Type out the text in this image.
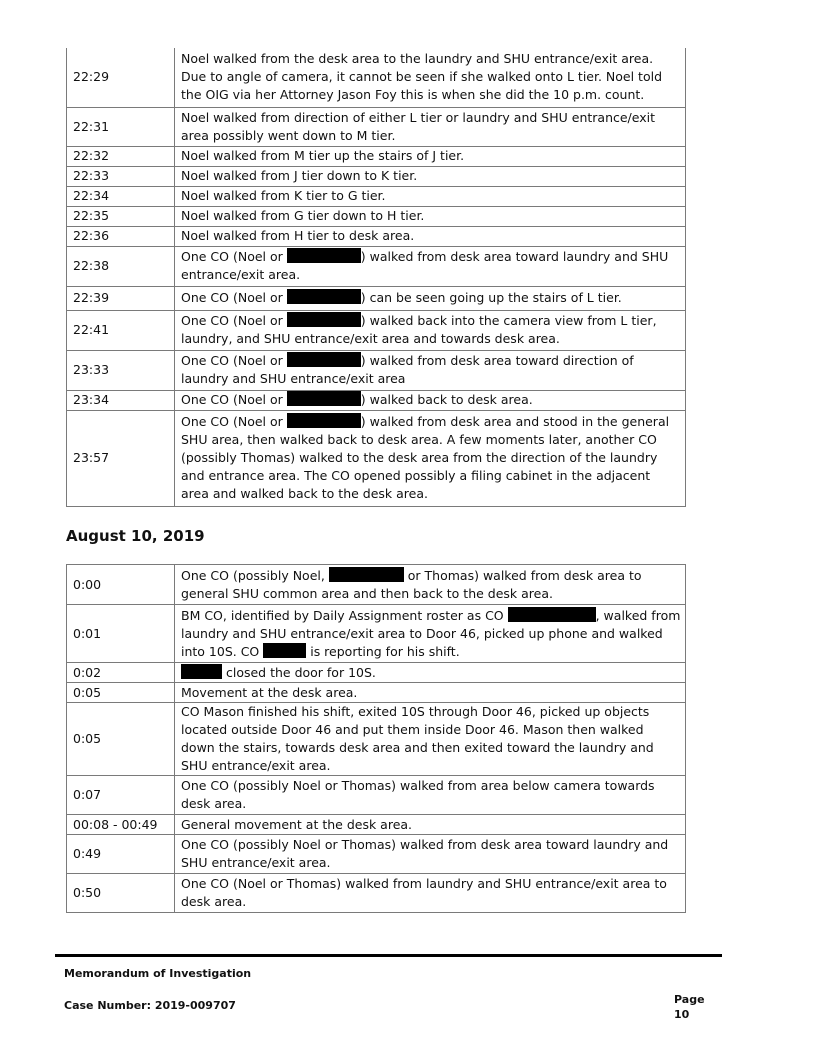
22:29	Noel walked from the desk area to the laundry and SHU entrance/exit area. Due to angle of camera, it cannot be seen if she walked onto L tier. Noel told the OIG via her Attorney Jason Foy this is when she did the 10 p.m. count.
22:31	Noel walked from direction of either L tier or laundry and SHU entrance/exit area possibly went down to M tier.
22:32	Noel walked from M tier up the stairs of J tier.
22:33	Noel walked from J tier down to K tier.
22:34	Noel walked from K tier to G tier.
22:35	Noel walked from G tier down to H tier.
22:36	Noel walked from H tier to desk area.
22:38	One CO (Noel or ) walked from desk area toward laundry and SHU entrance/exit area.
22:39	One CO (Noel or ) can be seen going up the stairs of L tier.
22:41	One CO (Noel or ) walked back into the camera view from L tier, laundry, and SHU entrance/exit area and towards desk area.
23:33	One CO (Noel or ) walked from desk area toward direction of laundry and SHU entrance/exit area
23:34	One CO (Noel or ) walked back to desk area.
23:57	One CO (Noel or ) walked from desk area and stood in the general SHU area, then walked back to desk area. A few moments later, another CO (possibly Thomas) walked to the desk area from the direction of the laundry and entrance area. The CO opened possibly a filing cabinet in the adjacent area and walked back to the desk area.
August 10, 2019
0:00	One CO (possibly Noel, or Thomas) walked from desk area to general SHU common area and then back to the desk area.
0:01	BM CO, identified by Daily Assignment roster as CO , walked from laundry and SHU entrance/exit area to Door 46, picked up phone and walked into 10S. CO is reporting for his shift.
0:02	closed the door for 10S.
0:05	Movement at the desk area.
0:05	CO Mason finished his shift, exited 10S through Door 46, picked up objects located outside Door 46 and put them inside Door 46. Mason then walked down the stairs, towards desk area and then exited toward the laundry and SHU entrance/exit area.
0:07	One CO (possibly Noel or Thomas) walked from area below camera towards desk area.
00:08 - 00:49	General movement at the desk area.
0:49	One CO (possibly Noel or Thomas) walked from desk area toward laundry and SHU entrance/exit area.
0:50	One CO (Noel or Thomas) walked from laundry and SHU entrance/exit area to desk area.
Memorandum of Investigation
Case Number: 2019-009707	Page
10
